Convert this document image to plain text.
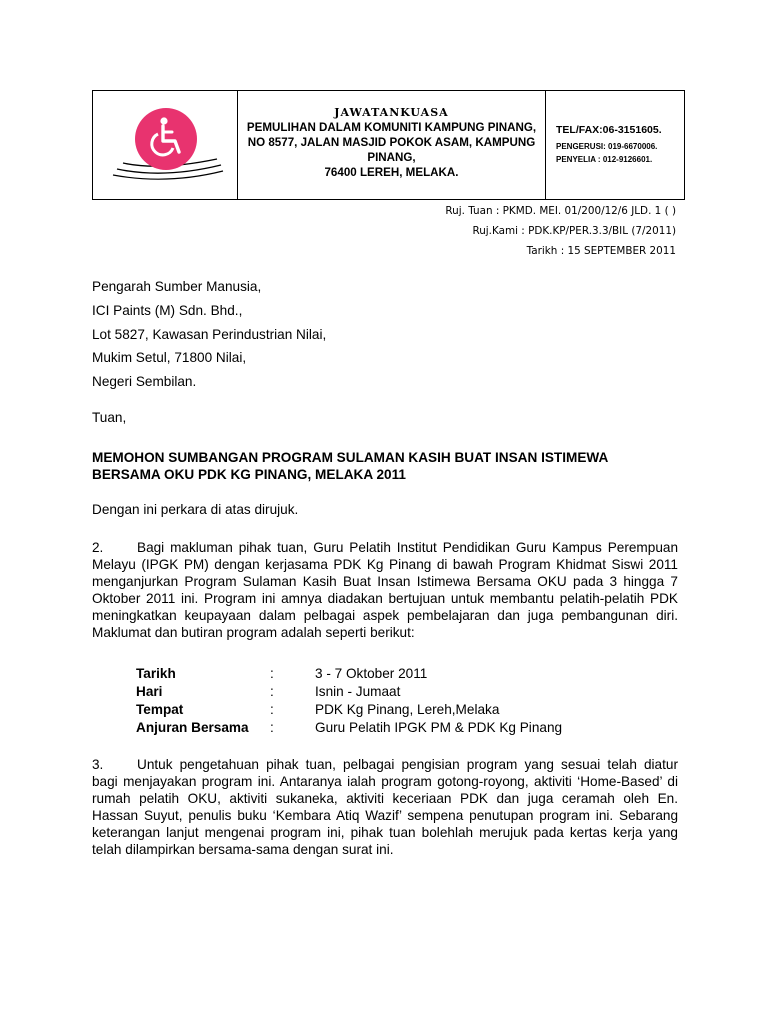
JAWATANKUASA
PEMULIHAN DALAM KOMUNITI KAMPUNG PINANG,
NO 8577, JALAN MASJID POKOK ASAM, KAMPUNG
PINANG,
76400 LEREH, MELAKA.
TEL/FAX:06-3151605.
PENGERUSI: 019-6670006.
PENYELIA : 012-9126601.
Ruj. Tuan : PKMD. MEI. 01/200/12/6 JLD. 1 ( )
Ruj.Kami : PDK.KP/PER.3.3/BIL (7/2011)
Tarikh : 15 SEPTEMBER 2011
Pengarah Sumber Manusia,
ICI Paints (M) Sdn. Bhd.,
Lot 5827, Kawasan Perindustrian Nilai,
Mukim Setul, 71800 Nilai,
Negeri Sembilan.
Tuan,
MEMOHON SUMBANGAN PROGRAM SULAMAN KASIH BUAT INSAN ISTIMEWA
BERSAMA OKU PDK KG PINANG, MELAKA 2011
Dengan ini perkara di atas dirujuk.
2. Bagi makluman pihak tuan, Guru Pelatih Institut Pendidikan Guru Kampus Perempuan
Melayu (IPGK PM) dengan kerjasama PDK Kg Pinang di bawah Program Khidmat Siswi 2011
menganjurkan Program Sulaman Kasih Buat Insan Istimewa Bersama OKU pada 3 hingga 7
Oktober 2011 ini. Program ini amnya diadakan bertujuan untuk membantu pelatih-pelatih PDK
meningkatkan keupayaan dalam pelbagai aspek pembelajaran dan juga pembangunan diri.
Maklumat dan butiran program adalah seperti berikut:
Tarikh	:	3 - 7 Oktober 2011
Hari	:	Isnin - Jumaat
Tempat	:	PDK Kg Pinang, Lereh,Melaka
Anjuran Bersama :	Guru Pelatih IPGK PM & PDK Kg Pinang
3. Untuk pengetahuan pihak tuan, pelbagai pengisian program yang sesuai telah diatur
bagi menjayakan program ini. Antaranya ialah program gotong-royong, aktiviti ‘Home-Based’ di
rumah pelatih OKU, aktiviti sukaneka, aktiviti keceriaan PDK dan juga ceramah oleh En.
Hassan Suyut, penulis buku ‘Kembara Atiq Wazif’ sempena penutupan program ini. Sebarang
keterangan lanjut mengenai program ini, pihak tuan bolehlah merujuk pada kertas kerja yang
telah dilampirkan bersama-sama dengan surat ini.
